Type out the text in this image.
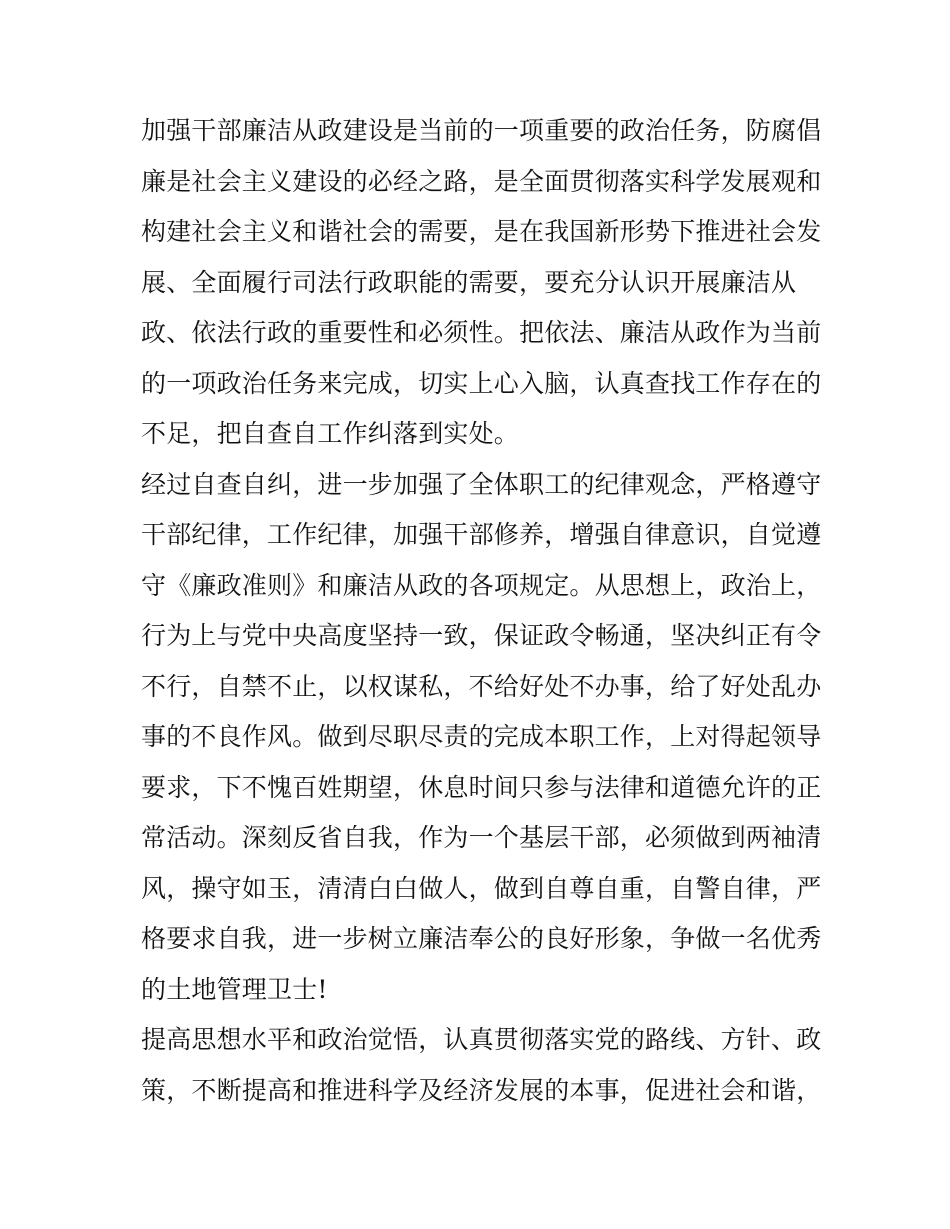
加强干部廉洁从政建设是当前的一项重要的政治任务，防腐倡
廉是社会主义建设的必经之路，是全面贯彻落实科学发展观和
构建社会主义和谐社会的需要，是在我国新形势下推进社会发
展、全面履行司法行政职能的需要，要充分认识开展廉洁从
政、依法行政的重要性和必须性。把依法、廉洁从政作为当前
的一项政治任务来完成，切实上心入脑，认真查找工作存在的
不足，把自查自工作纠落到实处。
经过自查自纠，进一步加强了全体职工的纪律观念，严格遵守
干部纪律，工作纪律，加强干部修养，增强自律意识，自觉遵
守《廉政准则》和廉洁从政的各项规定。从思想上，政治上，
行为上与党中央高度坚持一致，保证政令畅通，坚决纠正有令
不行，自禁不止，以权谋私，不给好处不办事，给了好处乱办
事的不良作风。做到尽职尽责的完成本职工作，上对得起领导
要求，下不愧百姓期望，休息时间只参与法律和道德允许的正
常活动。深刻反省自我，作为一个基层干部，必须做到两袖清
风，操守如玉，清清白白做人，做到自尊自重，自警自律，严
格要求自我，进一步树立廉洁奉公的良好形象，争做一名优秀
的土地管理卫士!
提高思想水平和政治觉悟，认真贯彻落实党的路线、方针、政
策，不断提高和推进科学及经济发展的本事，促进社会和谐，
